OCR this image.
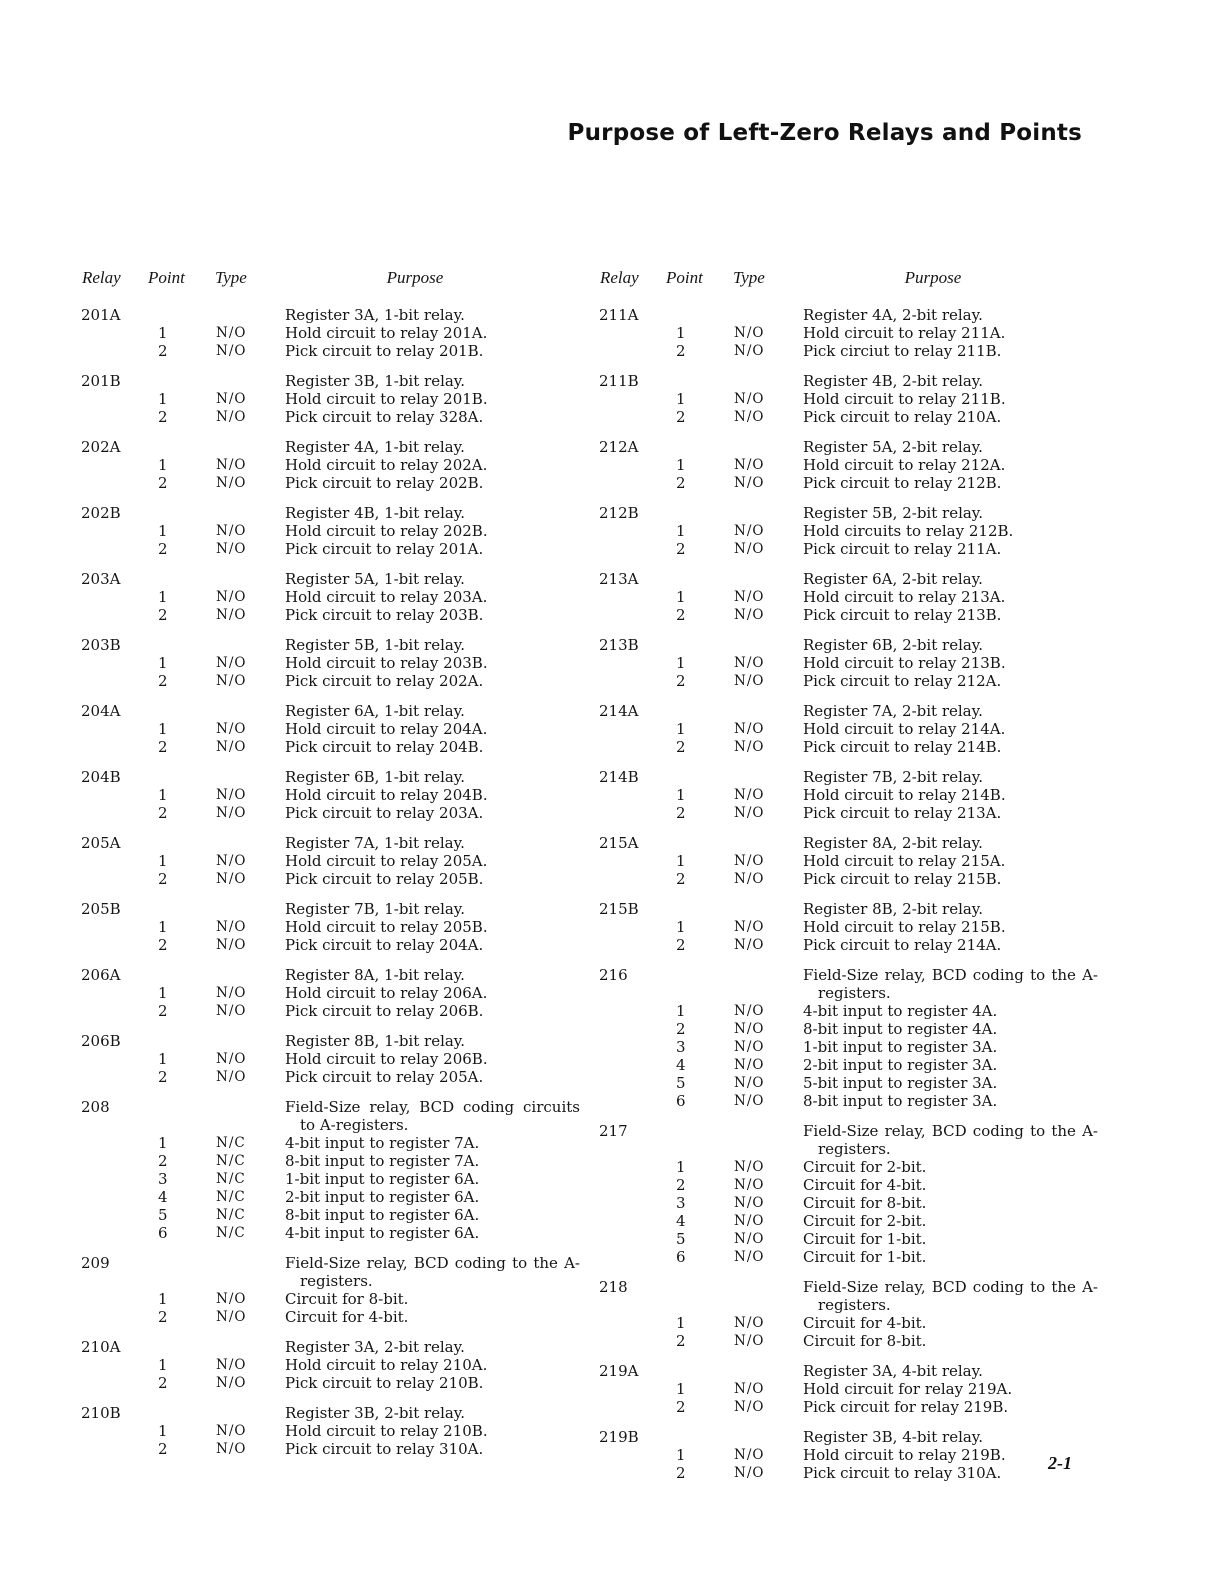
Purpose of Left-Zero Relays and Points
Relay Point Type	Purpose
201A	Register 3A, 1-bit relay.
1	N/O	Hold circuit to relay 201A.
2	N/O	Pick circuit to relay 201B.
201B	Register 3B, 1-bit relay.
1	N/O	Hold circuit to relay 201B.
2	N/O	Pick circuit to relay 328A.
202A	Register 4A, 1-bit relay.
1	N/O	Hold circuit to relay 202A.
2	N/O	Pick circuit to relay 202B.
202B	Register 4B, 1-bit relay.
1	N/O	Hold circuit to relay 202B.
2	N/O	Pick circuit to relay 201A.
203A	Register 5A, 1-bit relay.
1	N/O	Hold circuit to relay 203A.
2	N/O	Pick circuit to relay 203B.
203B	Register 5B, 1-bit relay.
1	N/O	Hold circuit to relay 203B.
2	N/O	Pick circuit to relay 202A.
204A	Register 6A, 1-bit relay.
1	N/O	Hold circuit to relay 204A.
2	N/O	Pick circuit to relay 204B.
204B	Register 6B, 1-bit relay.
1	N/O	Hold circuit to relay 204B.
2	N/O	Pick circuit to relay 203A.
205A	Register 7A, 1-bit relay.
1	N/O	Hold circuit to relay 205A.
2	N/O	Pick circuit to relay 205B.
205B	Register 7B, 1-bit relay.
1	N/O	Hold circuit to relay 205B.
2	N/O	Pick circuit to relay 204A.
206A	Register 8A, 1-bit relay.
1	N/O	Hold circuit to relay 206A.
2	N/O	Pick circuit to relay 206B.
206B	Register 8B, 1-bit relay.
1	N/O	Hold circuit to relay 206B.
2	N/O	Pick circuit to relay 205A.
208	Field-Size relay, BCD coding circuits to A-registers.
1	N/C	4-bit input to register 7A.
2	N/C	8-bit input to register 7A.
3	N/C	1-bit input to register 6A.
4	N/C	2-bit input to register 6A.
5	N/C	8-bit input to register 6A.
6	N/C	4-bit input to register 6A.
209	Field-Size relay, BCD coding to the A-registers.
1	N/O	Circuit for 8-bit.
2	N/O	Circuit for 4-bit.
210A	Register 3A, 2-bit relay.
1	N/O	Hold circuit to relay 210A.
2	N/O	Pick circuit to relay 210B.
210B	Register 3B, 2-bit relay.
1	N/O	Hold circuit to relay 210B.
2	N/O	Pick circuit to relay 310A.
Relay Point Type	Purpose
211A	Register 4A, 2-bit relay.
1	N/O	Hold circuit to relay 211A.
2	N/O	Pick circiut to relay 211B.
211B	Register 4B, 2-bit relay.
1	N/O	Hold circuit to relay 211B.
2	N/O	Pick circuit to relay 210A.
212A	Register 5A, 2-bit relay.
1	N/O	Hold circuit to relay 212A.
2	N/O	Pick circuit to relay 212B.
212B	Register 5B, 2-bit relay.
1	N/O	Hold circuits to relay 212B.
2	N/O	Pick circuit to relay 211A.
213A	Register 6A, 2-bit relay.
1	N/O	Hold circuit to relay 213A.
2	N/O	Pick circuit to relay 213B.
213B	Register 6B, 2-bit relay.
1	N/O	Hold circuit to relay 213B.
2	N/O	Pick circuit to relay 212A.
214A	Register 7A, 2-bit relay.
1	N/O	Hold circuit to relay 214A.
2	N/O	Pick circuit to relay 214B.
214B	Register 7B, 2-bit relay.
1	N/O	Hold circuit to relay 214B.
2	N/O	Pick circuit to relay 213A.
215A	Register 8A, 2-bit relay.
1	N/O	Hold circuit to relay 215A.
2	N/O	Pick circuit to relay 215B.
215B	Register 8B, 2-bit relay.
1	N/O	Hold circuit to relay 215B.
2	N/O	Pick circuit to relay 214A.
216	Field-Size relay, BCD coding to the A-registers.
1	N/O	4-bit input to register 4A.
2	N/O	8-bit input to register 4A.
3	N/O	1-bit input to register 3A.
4	N/O	2-bit input to register 3A.
5	N/O	5-bit input to register 3A.
6	N/O	8-bit input to register 3A.
217	Field-Size relay, BCD coding to the A-registers.
1	N/O	Circuit for 2-bit.
2	N/O	Circuit for 4-bit.
3	N/O	Circuit for 8-bit.
4	N/O	Circuit for 2-bit.
5	N/O	Circuit for 1-bit.
6	N/O	Circuit for 1-bit.
218	Field-Size relay, BCD coding to the A-registers.
1	N/O	Circuit for 4-bit.
2	N/O	Circuit for 8-bit.
219A	Register 3A, 4-bit relay.
1	N/O	Hold circuit for relay 219A.
2	N/O	Pick circuit for relay 219B.
219B	Register 3B, 4-bit relay.
1	N/O	Hold circuit to relay 219B.
2	N/O	Pick circuit to relay 310A.	2-1
